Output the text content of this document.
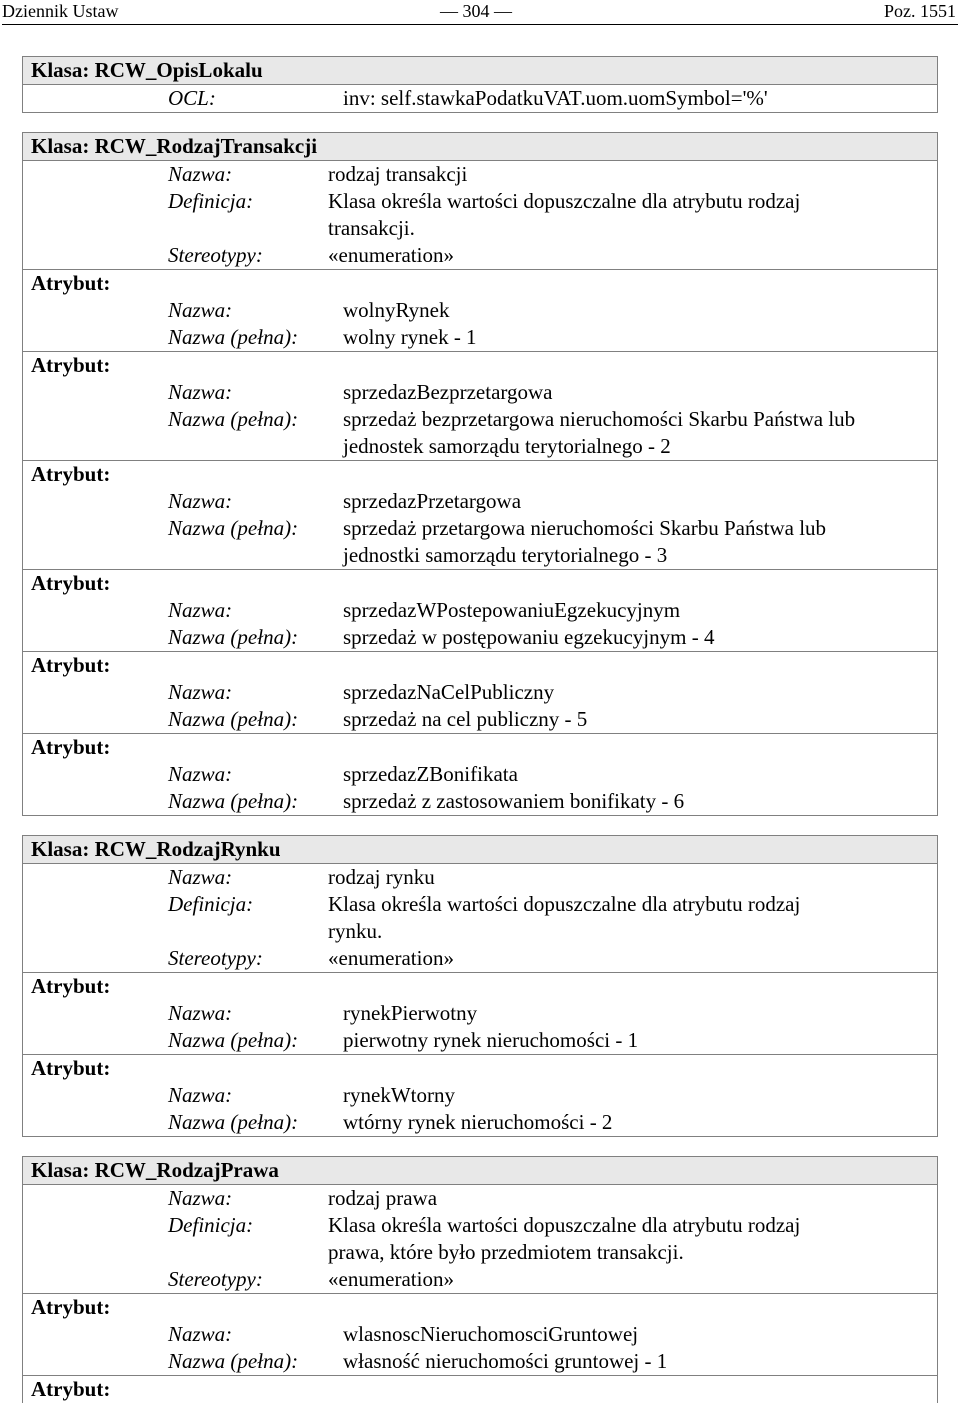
Dziennik Ustaw	— 304 —	Poz. 1551
Klasa: RCW_OpisLokalu
OCL:	inv: self.stawkaPodatkuVAT.uom.uomSymbol='%'
Klasa: RCW_RodzajTransakcji
Nazwa:	rodzaj transakcji
Definicja:	Klasa określa wartości dopuszczalne dla atrybutu rodzaj
transakcji.
Stereotypy:	«enumeration»
Atrybut:
Nazwa:	wolnyRynek
Nazwa (pełna): wolny rynek - 1
Atrybut:
Nazwa:	sprzedazBezprzetargowa
Nazwa (pełna): sprzedaż bezprzetargowa nieruchomości Skarbu Państwa lub
jednostek samorządu terytorialnego - 2
Atrybut:
Nazwa:	sprzedazPrzetargowa
Nazwa (pełna): sprzedaż przetargowa nieruchomości Skarbu Państwa lub
jednostki samorządu terytorialnego - 3
Atrybut:
Nazwa:	sprzedazWPostepowaniuEgzekucyjnym
Nazwa (pełna): sprzedaż w postępowaniu egzekucyjnym - 4
Atrybut:
Nazwa:	sprzedazNaCelPubliczny
Nazwa (pełna): sprzedaż na cel publiczny - 5
Atrybut:
Nazwa:	sprzedazZBonifikata
Nazwa (pełna): sprzedaż z zastosowaniem bonifikaty - 6
Klasa: RCW_RodzajRynku
Nazwa:	rodzaj rynku
Definicja:	Klasa określa wartości dopuszczalne dla atrybutu rodzaj
rynku.
Stereotypy:	«enumeration»
Atrybut:
Nazwa:	rynekPierwotny
Nazwa (pełna): pierwotny rynek nieruchomości - 1
Atrybut:
Nazwa:	rynekWtorny
Nazwa (pełna): wtórny rynek nieruchomości - 2
Klasa: RCW_RodzajPrawa
Nazwa:	rodzaj prawa
Definicja:	Klasa określa wartości dopuszczalne dla atrybutu rodzaj
prawa, które było przedmiotem transakcji.
Stereotypy:	«enumeration»
Atrybut:
Nazwa:	wlasnoscNieruchomosciGruntowej
Nazwa (pełna): własność nieruchomości gruntowej - 1
Atrybut:
